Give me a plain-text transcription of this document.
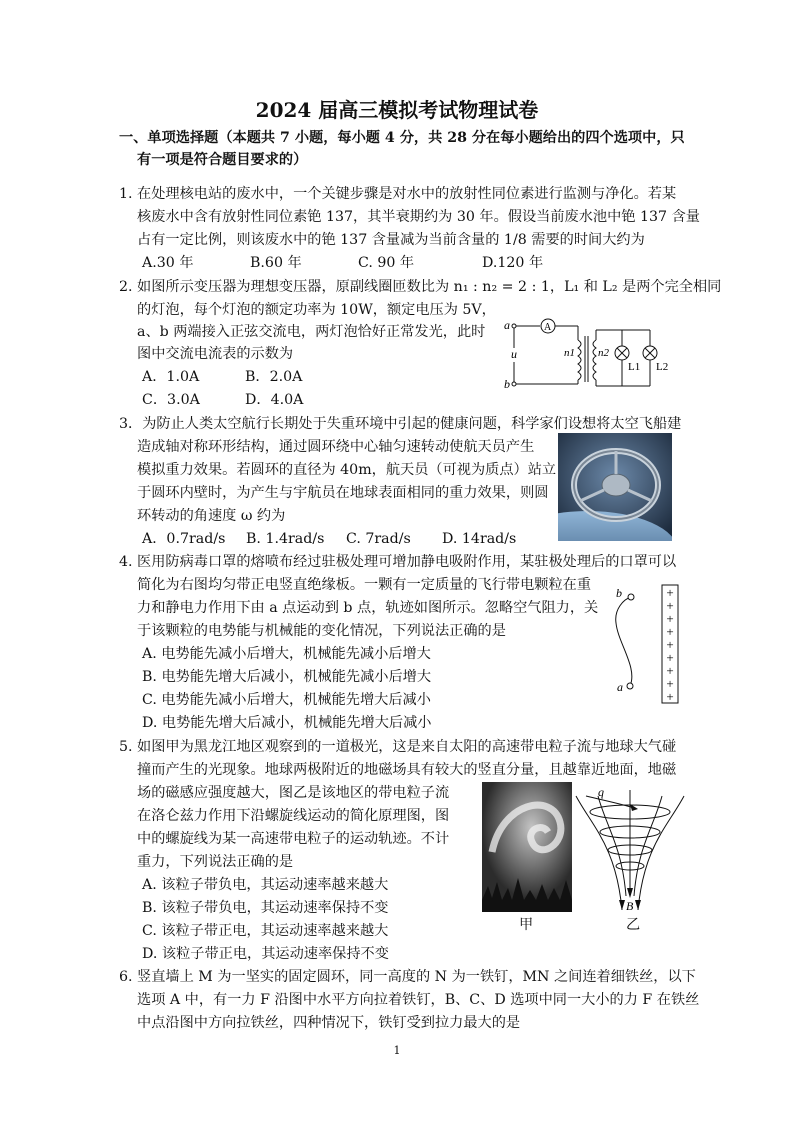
2024 届高三模拟考试物理试卷
一、单项选择题（本题共 7 小题，每小题 4 分，共 28 分在每小题给出的四个选项中，只
有一项是符合题目要求的）
1. 在处理核电站的废水中，一个关键步骤是对水中的放射性同位素进行监测与净化。若某
核废水中含有放射性同位素铯 137，其半衰期约为 30 年。假设当前废水池中铯 137 含量
占有一定比例，则该废水中的铯 137 含量减为当前含量的 1/8 需要的时间大约为
A.30 年	B.60 年	C. 90 年	D.120 年
2. 如图所示变压器为理想变压器，原副线圈匝数比为 n₁ : n₂ = 2 : 1，L₁ 和 L₂ 是两个完全相同
的灯泡，每个灯泡的额定功率为 10W，额定电压为 5V，
a、b 两端接入正弦交流电，两灯泡恰好正常发光，此时
图中交流电流表的示数为
A．1.0A	B．2.0A
C．3.0A	D．4.0A
a
b
u
A
n1 n2
L1 L2
3．为防止人类太空航行长期处于失重环境中引起的健康问题，科学家们设想将太空飞船建
造成轴对称环形结构，通过圆环绕中心轴匀速转动使航天员产生
模拟重力效果。若圆环的直径为 40m，航天员（可视为质点）站立
于圆环内壁时，为产生与宇航员在地球表面相同的重力效果，则圆
环转动的角速度 ω 约为
A．0.7rad/s B. 1.4rad/s C. 7rad/s D. 14rad/s
4. 医用防病毒口罩的熔喷布经过驻极处理可增加静电吸附作用，某驻极处理后的口罩可以
简化为右图均匀带正电竖直绝缘板。一颗有一定质量的飞行带电颗粒在重
力和静电力作用下由 a 点运动到 b 点，轨迹如图所示。忽略空气阻力，关
于该颗粒的电势能与机械能的变化情况，下列说法正确的是
A. 电势能先减小后增大，机械能先减小后增大
B. 电势能先增大后减小，机械能先减小后增大
C. 电势能先减小后增大，机械能先增大后减小
D. 电势能先增大后减小，机械能先增大后减小
+
+
+
+
+
+
+
+
+
a
b
5. 如图甲为黑龙江地区观察到的一道极光，这是来自太阳的高速带电粒子流与地球大气碰
撞而产生的光现象。地球两极附近的地磁场具有较大的竖直分量，且越靠近地面，地磁
场的磁感应强度越大，图乙是该地区的带电粒子流
在洛仑兹力作用下沿螺旋线运动的简化原理图，图
中的螺旋线为某一高速带电粒子的运动轨迹。不计
重力，下列说法正确的是
A. 该粒子带负电，其运动速率越来越大
B. 该粒子带负电，其运动速率保持不变
C. 该粒子带正电，其运动速率越来越大
D. 该粒子带正电，其运动速率保持不变
甲
q
B
乙
6. 竖直墙上 M 为一坚实的固定圆环，同一高度的 N 为一铁钉，MN 之间连着细铁丝，以下
选项 A 中，有一力 F 沿图中水平方向拉着铁钉，B、C、D 选项中同一大小的力 F 在铁丝
中点沿图中方向拉铁丝，四种情况下，铁钉受到拉力最大的是
1
